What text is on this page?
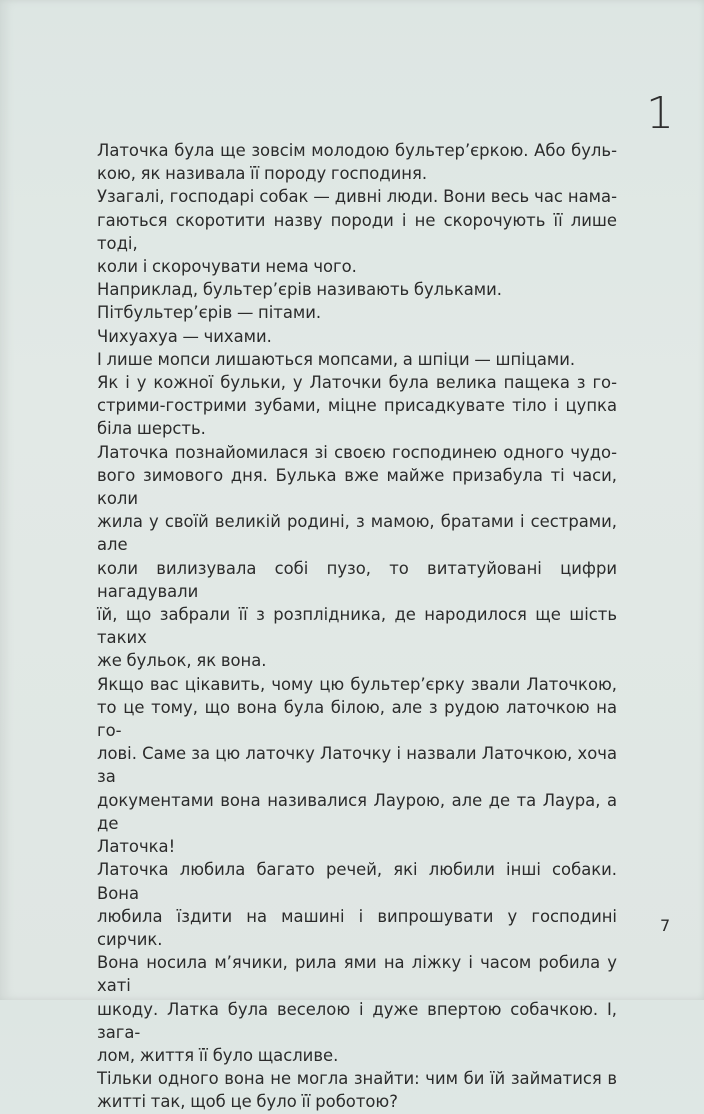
1

Латочка була ще зовсім молодою бультер’єркою. Або буль-
кою, як називала її породу господиня.

Узагалі, господарі собак — дивні люди. Вони весь час нама-
гаються скоротити назву породи і не скорочують її лише тоді,
коли і скорочувати нема чого.

Наприклад, бультер’єрів називають бульками.

Пітбультер’єрів — пітами.

Чихуахуа — чихами.

І лише мопси лишаються мопсами, а шпіци — шпіцами.

Як і у кожної бульки, у Латочки була велика пащека з го-
стрими-гострими зубами, міцне присадкувате тіло і цупка
біла шерсть.

Латочка познайомилася зі своєю господинею одного чудо-
вого зимового дня. Булька вже майже призабула ті часи, коли
жила у своїй великій родині, з мамою, братами і сестрами, але
коли вилизувала собі пузо, то витатуйовані цифри нагадували
їй, що забрали її з розплідника, де народилося ще шість таких
же бульок, як вона.

Якщо вас цікавить, чому цю бультер’єрку звали Латочкою,
то це тому, що вона була білою, але з рудою латочкою на го-
лові. Саме за цю латочку Латочку і назвали Латочкою, хоча за
документами вона називалися Лаурою, але де та Лаура, а де
Латочка!

Латочка любила багато речей, які любили інші собаки. Вона
любила їздити на машині і випрошувати у господині сирчик.
Вона носила м’ячики, рила ями на ліжку і часом робила у хаті
шкоду. Латка була веселою і дуже впертою собачкою. І, зага-
лом, життя її було щасливе.

Тільки одного вона не могла знайти: чим би їй займатися в
житті так, щоб це було її роботою?

7
